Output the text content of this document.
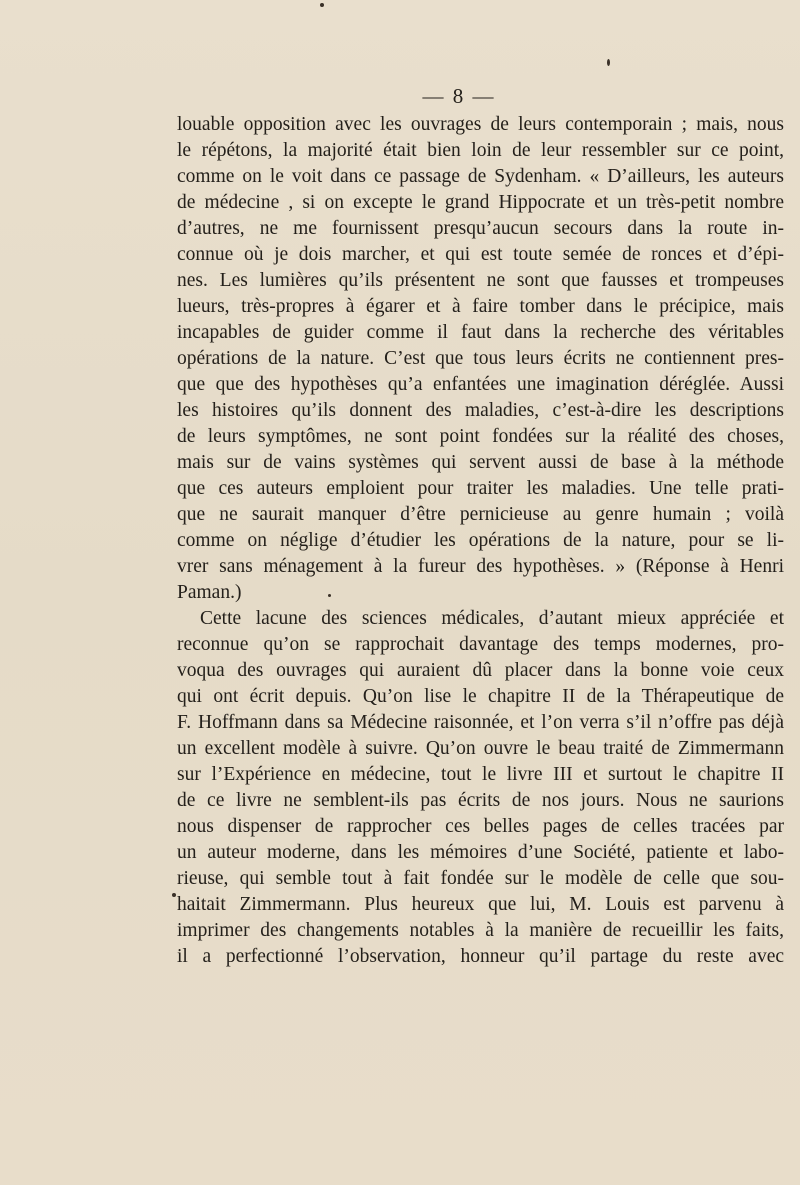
— 8 —
louable opposition avec les ouvrages de leurs contemporain ; mais, nous
le répétons, la majorité était bien loin de leur ressembler sur ce point,
comme on le voit dans ce passage de Sydenham. « D’ailleurs, les auteurs
de médecine , si on excepte le grand Hippocrate et un très-petit nombre
d’autres, ne me fournissent presqu’aucun secours dans la route in-
connue où je dois marcher, et qui est toute semée de ronces et d’épi-
nes. Les lumières qu’ils présentent ne sont que fausses et trompeuses
lueurs, très-propres à égarer et à faire tomber dans le précipice, mais
incapables de guider comme il faut dans la recherche des véritables
opérations de la nature. C’est que tous leurs écrits ne contiennent pres-
que que des hypothèses qu’a enfantées une imagination déréglée. Aussi
les histoires qu’ils donnent des maladies, c’est-à-dire les descriptions
de leurs symptômes, ne sont point fondées sur la réalité des choses,
mais sur de vains systèmes qui servent aussi de base à la méthode
que ces auteurs emploient pour traiter les maladies. Une telle prati-
que ne saurait manquer d’être pernicieuse au genre humain ; voilà
comme on néglige d’étudier les opérations de la nature, pour se li-
vrer sans ménagement à la fureur des hypothèses. » (Réponse à Henri
Paman.)
Cette lacune des sciences médicales, d’autant mieux appréciée et
reconnue qu’on se rapprochait davantage des temps modernes, pro-
voqua des ouvrages qui auraient dû placer dans la bonne voie ceux
qui ont écrit depuis. Qu’on lise le chapitre II de la Thérapeutique de
F. Hoffmann dans sa Médecine raisonnée, et l’on verra s’il n’offre pas déjà
un excellent modèle à suivre. Qu’on ouvre le beau traité de Zimmermann
sur l’Expérience en médecine, tout le livre III et surtout le chapitre II
de ce livre ne semblent-ils pas écrits de nos jours. Nous ne saurions
nous dispenser de rapprocher ces belles pages de celles tracées par
un auteur moderne, dans les mémoires d’une Société, patiente et labo-
rieuse, qui semble tout à fait fondée sur le modèle de celle que sou-
haitait Zimmermann. Plus heureux que lui, M. Louis est parvenu à
imprimer des changements notables à la manière de recueillir les faits,
il a perfectionné l’observation, honneur qu’il partage du reste avec
